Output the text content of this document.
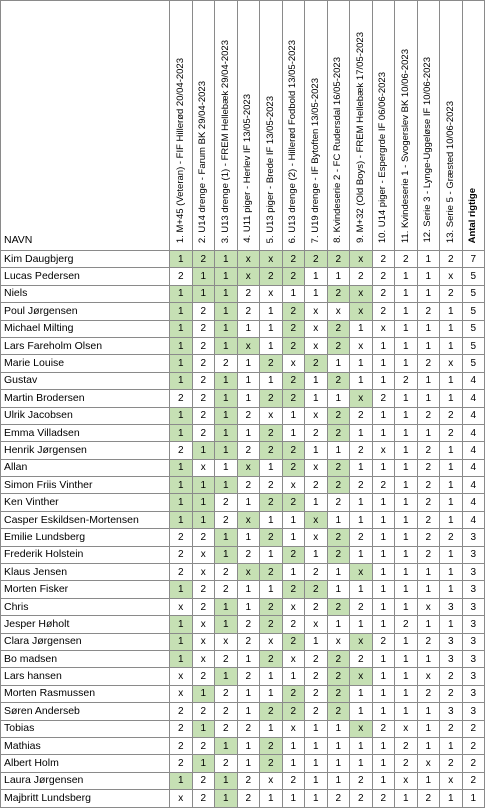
NAVN	1. M+45 (Veteran) - FIF Hillerød 20/04-2023	2. U14 drenge - Farum BK 29/04-2023	3. U13 drenge (1) - FREM Hellebæk 29/04-2023	4. U11 piger - Herlev IF 13/05-2023	5. U13 piger - Brede IF 13/05-2023	6. U13 drenge (2) - Hillerød Fodbold 13/05-2023	7. U19 drenge - IF Bytoften 13/05-2023	8. Kvindeserie 2 - FC Rudersdal 16/05-2023	9. M+32 (Old Boys) - FREM Hellebæk 17/05-2023	10. U14 piger - Espergrde IF 06/06-2023	11. Kvindeserie 1 - Svogerslev BK 10/06-2023	12. Serie 3 - Lynge-Uggeløse IF 10/06-2023	13. Serie 5 - Græsted 10/06-2023	Antal rigtige
Kim Daugbjerg	1	2	1	x	x	2	2	2	x	2	2	1	2	7
Lucas Pedersen	2	1	1	x	2	2	1	1	2	2	1	1	x	5
Niels	1	1	1	2	x	1	1	2	x	2	1	1	2	5
Poul Jørgensen	1	2	1	2	1	2	x	x	x	2	1	2	1	5
Michael Milting	1	2	1	1	1	2	x	2	1	x	1	1	1	5
Lars Fareholm Olsen	1	2	1	x	1	2	x	2	x	1	1	1	1	5
Marie Louise	1	2	2	1	2	x	2	1	1	1	1	2	x	5
Gustav	1	2	1	1	1	2	1	2	1	1	2	1	1	4
Martin Brodersen	2	2	1	1	2	2	1	1	x	2	1	1	1	4
Ulrik Jacobsen	1	2	1	2	x	1	x	2	2	1	1	2	2	4
Emma Villadsen	1	2	1	1	2	1	2	2	1	1	1	1	2	4
Henrik Jørgensen	2	1	1	2	2	2	1	1	2	x	1	2	1	4
Allan	1	x	1	x	1	2	x	2	1	1	1	2	1	4
Simon Friis Vinther	1	1	1	2	2	x	2	2	2	2	1	2	1	4
Ken Vinther	1	1	2	1	2	2	1	2	1	1	1	2	1	4
Casper Eskildsen-Mortensen	1	1	2	x	1	1	x	1	1	1	1	2	1	4
Emilie Lundsberg	2	2	1	1	2	1	x	2	2	1	1	2	2	3
Frederik Holstein	2	x	1	2	1	2	1	2	1	1	1	2	1	3
Klaus Jensen	2	x	2	x	2	1	2	1	x	1	1	1	1	3
Morten Fisker	1	2	2	1	1	2	2	1	1	1	1	1	1	3
Chris	x	2	1	1	2	x	2	2	2	1	1	x	3	3
Jesper Høholt	1	x	1	2	2	2	x	1	1	1	2	1	1	3
Clara Jørgensen	1	x	x	2	x	2	1	x	x	2	1	2	3	3
Bo madsen	1	x	2	1	2	x	2	2	2	1	1	1	3	3
Lars hansen	x	2	1	2	1	1	2	2	x	1	1	x	2	3
Morten Rasmussen	x	1	2	1	1	2	2	2	1	1	1	2	2	3
Søren Anderseb	2	2	2	1	2	2	2	2	1	1	1	1	3	3
Tobias	2	1	2	2	1	x	1	1	x	2	x	1	2	2
Mathias	2	2	1	1	2	1	1	1	1	1	2	1	1	2
Albert Holm	2	1	2	1	2	1	1	1	1	1	2	x	2	2
Laura Jørgensen	1	2	1	2	x	2	1	1	2	1	x	1	x	2
Majbritt Lundsberg	x	2	1	2	1	1	1	2	2	2	1	2	1	1
